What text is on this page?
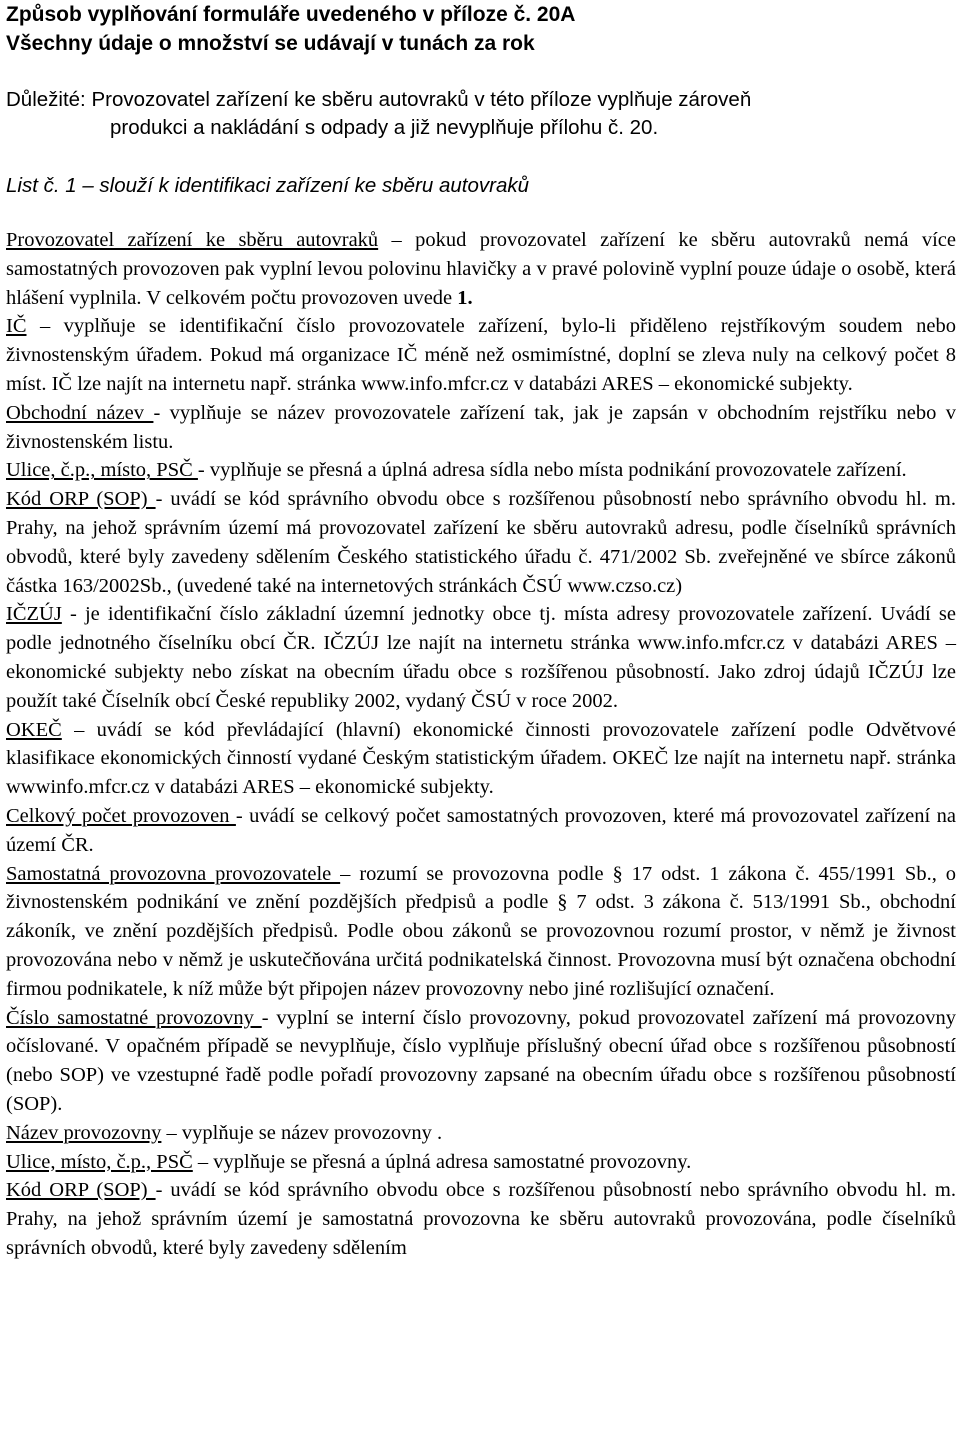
Způsob vyplňování formuláře uvedeného v příloze č. 20A
Všechny údaje o množství se udávají v tunách za rok
Důležité: Provozovatel zařízení ke sběru autovraků v této příloze vyplňuje zároveň
produkci a nakládání s odpady a již nevyplňuje přílohu č. 20.
List č. 1 – slouží k identifikaci zařízení ke sběru autovraků

Provozovatel zařízení ke sběru autovraků – pokud provozovatel zařízení ke sběru autovraků nemá více samostatných provozoven pak vyplní levou polovinu hlavičky a v pravé polovině vyplní pouze údaje o osobě, která hlášení vyplnila. V celkovém počtu provozoven uvede 1.

IČ – vyplňuje se identifikační číslo provozovatele zařízení, bylo-li přiděleno rejstříkovým soudem nebo živnostenským úřadem. Pokud má organizace IČ méně než osmimístné, doplní se zleva nuly na celkový počet 8 míst. IČ lze najít na internetu např. stránka www.info.mfcr.cz v databázi ARES – ekonomické subjekty.

Obchodní název - vyplňuje se název provozovatele zařízení tak, jak je zapsán v obchodním rejstříku nebo v živnostenském listu.

Ulice, č.p., místo, PSČ - vyplňuje se přesná a úplná adresa sídla nebo místa podnikání provozovatele zařízení.

Kód ORP (SOP) - uvádí se kód správního obvodu obce s rozšířenou působností nebo správního obvodu hl. m. Prahy, na jehož správním území má provozovatel zařízení ke sběru autovraků adresu, podle číselníků správních obvodů, které byly zavedeny sdělením Českého statistického úřadu č. 471/2002 Sb. zveřejněné ve sbírce zákonů částka 163/2002Sb., (uvedené také na internetových stránkách ČSÚ www.czso.cz)

IČZÚJ - je identifikační číslo základní územní jednotky obce tj. místa adresy provozovatele zařízení. Uvádí se podle jednotného číselníku obcí ČR. IČZÚJ lze najít na internetu stránka www.info.mfcr.cz v databázi ARES – ekonomické subjekty nebo získat na obecním úřadu obce s rozšířenou působností. Jako zdroj údajů IČZÚJ lze použít také Číselník obcí České republiky 2002, vydaný ČSÚ v roce 2002.

OKEČ – uvádí se kód převládající (hlavní) ekonomické činnosti provozovatele zařízení podle Odvětvové klasifikace ekonomických činností vydané Českým statistickým úřadem. OKEČ lze najít na internetu např. stránka wwwinfo.mfcr.cz v databázi ARES – ekonomické subjekty.

Celkový počet provozoven - uvádí se celkový počet samostatných provozoven, které má provozovatel zařízení na území ČR.

Samostatná provozovna provozovatele – rozumí se provozovna podle § 17 odst. 1 zákona č. 455/1991 Sb., o živnostenském podnikání ve znění pozdějších předpisů a podle § 7 odst. 3 zákona č. 513/1991 Sb., obchodní zákoník, ve znění pozdějších předpisů. Podle obou zákonů se provozovnou rozumí prostor, v němž je živnost provozována nebo v němž je uskutečňována určitá podnikatelská činnost. Provozovna musí být označena obchodní firmou podnikatele, k níž může být připojen název provozovny nebo jiné rozlišující označení.

Číslo samostatné provozovny - vyplní se interní číslo provozovny, pokud provozovatel zařízení má provozovny očíslované. V opačném případě se nevyplňuje, číslo vyplňuje příslušný obecní úřad obce s rozšířenou působností (nebo SOP) ve vzestupné řadě podle pořadí provozovny zapsané na obecním úřadu obce s rozšířenou působností (SOP).

Název provozovny – vyplňuje se název provozovny .

Ulice, místo, č.p., PSČ – vyplňuje se přesná a úplná adresa samostatné provozovny.

Kód ORP (SOP) - uvádí se kód správního obvodu obce s rozšířenou působností nebo správního obvodu hl. m. Prahy, na jehož správním území je samostatná provozovna ke sběru autovraků provozována, podle číselníků správních obvodů, které byly zavedeny sdělením
